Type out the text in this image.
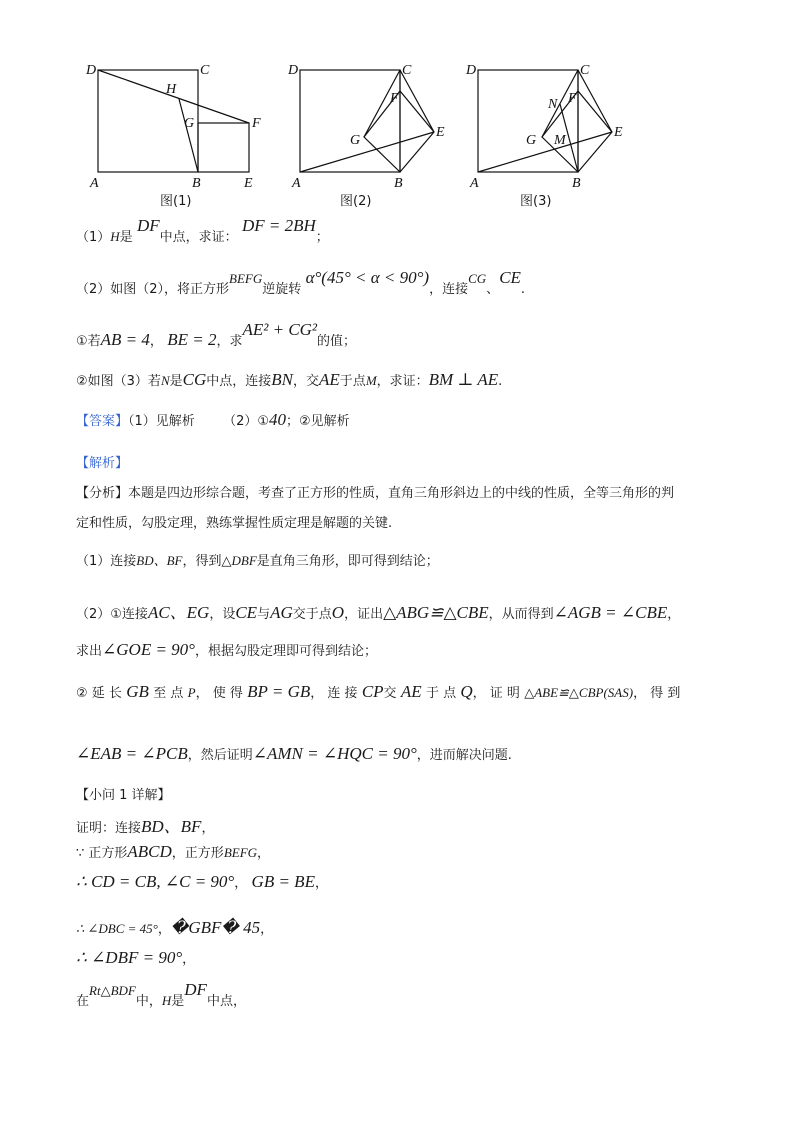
D	C
H
G	F
A	B	E
图(1)
D	C
F
G
E
A	B
图(2)
D	C
N F
G M
E
A	B
图(3)
（1）H是 DF中点，求证： DF = 2BH；
（2）如图（2），将正方形BEFG逆旋转 α°(45° < α < 90°)，连接CG、CE.
①若AB = 4， BE = 2，求AE² + CG²的值；
②如图（3）若N是CG中点，连接BN，交AE于点M，求证：BM ⊥ AE.
【答案】（1）见解析 （2）①40；②见解析
【解析】
【分析】本题是四边形综合题，考查了正方形的性质，直角三角形斜边上的中线的性质，全等三角形的判
定和性质，勾股定理，熟练掌握性质定理是解题的关键.
（1）连接BD、BF，得到△DBF是直角三角形，即可得到结论；
（2）①连接AC、EG，设CE与AG交于点O，证出△ABG≌△CBE，从而得到∠AGB = ∠CBE，
求出∠GOE = 90°，根据勾股定理即可得到结论；
② 延 长 GB 至 点 P， 使 得 BP = GB， 连 接 CP交 AE 于 点 Q， 证 明 △ABE≌△CBP(SAS)， 得 到
∠EAB = ∠PCB，然后证明∠AMN = ∠HQC = 90°，进而解决问题.
【小问 1 详解】
证明：连接BD、BF，
∵ 正方形ABCD，正方形BEFG，
∴ CD = CB, ∠C = 90°， GB = BE，
∴ ∠DBC = 45°，�GBF� 45，
∴ ∠DBF = 90°，
在Rt△BDF中，H是DF中点，
